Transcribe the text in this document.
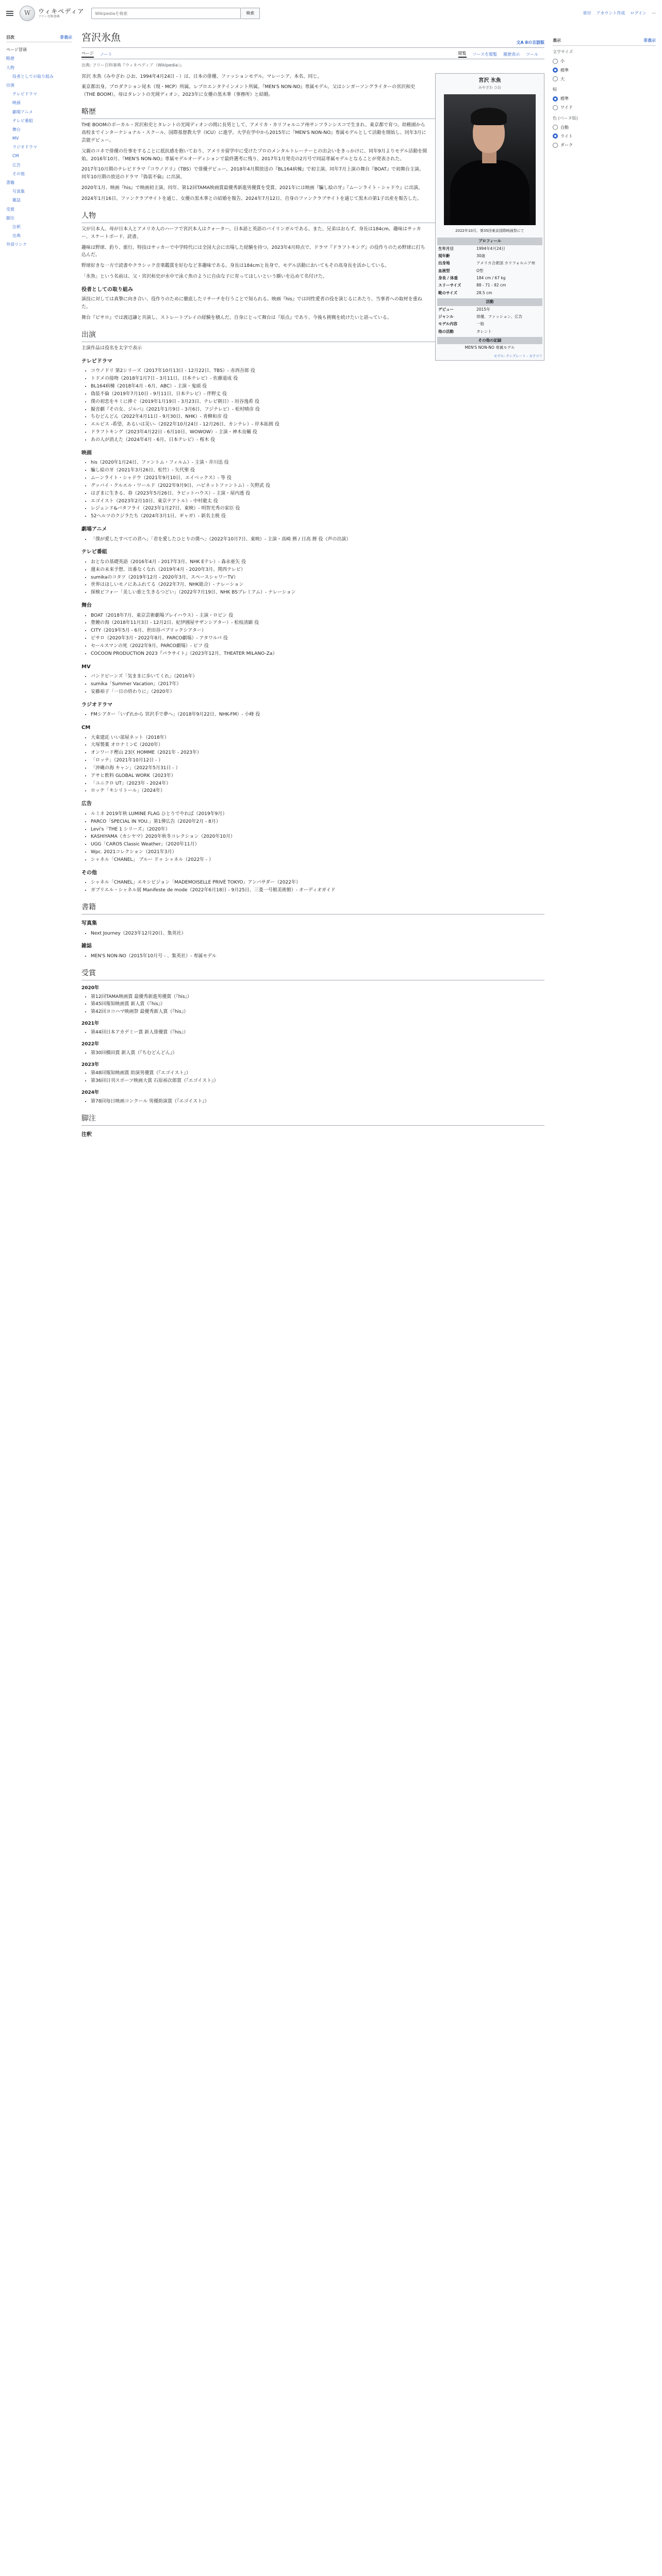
W	ウィキペディア
フリー百科事典
Wikipediaを検索
検索	寄付 アカウント作成 ログイン ⋯
目次	非表示
ページ冒頭
略歴
人物
役者としての取り組み
出演
テレビドラマ
映画
劇場アニメ
テレビ番組
舞台
MV
ラジオドラマ
CM
広告
その他
書籍
写真集
雑誌
受賞
脚注
注釈
出典
外部リンク
宮沢氷魚	文A 8の言語版
ページ ノート	閲覧 ソースを閲覧 履歴表示 ツール
出典: フリー百科事典『ウィキペディア（Wikipedia）』
宮沢 氷魚
みやざわ ひお
2022年10月、第35回東京国際映画祭にて
プロフィール
生年月日	1994年4月24日
現年齢	30歳
出身地	アメリカ合衆国 カリフォルニア州
血液型	O型
身長 / 体重	184 cm / 67 kg
スリーサイズ	88 - 71 - 92 cm
靴のサイズ	28.5 cm
活動
デビュー	2015年
ジャンル	俳優、ファッション、広告
モデル内容	一般
他の活動	タレント
その他の記録
MEN'S NON-NO 専属モデル
モデル: テンプレート - カテゴリ

宮沢 氷魚（みやざわ ひお、1994年4月24日 - ）は、日本の俳優、ファッションモデル。マレーシア、本名、同じ。

東京都出身。プロダクション尾木（現・MCP）所属。レプロエンタテインメント所属。『MEN'S NON-NO』専属モデル。父はシンガーソングライターの宮沢和史（THE BOOM）。母はタレントの光岡ディオン。2023年に女優の黒木華（事務所）と結婚。

略歴

THE BOOMのボーカル・宮沢和史とタレントの光岡ディオンの間に長男として、アメリカ・カリフォルニア州サンフランシスコで生まれ、東京都で育つ。幼稚園から高校までインターナショナル・スクール、国際基督教大学（ICU）に進学。大学在学中から2015年に『MEN'S NON-NO』専属モデルとして活動を開始し、同年3月に芸能デビュー。

父親のコネで俳優の仕事をすることに抵抗感を抱いており、アメリカ留学中に受けたプロのメンタルトレーナーとの出会いをきっかけに、同年9月よりモデル活動を開始。2016年10月、『MEN'S NON-NO』専属モデルオーディションで最終選考に残り、2017年1月発売の2月号で同誌専属モデルとなることが発表された。

2017年10月期のテレビドラマ『コウノドリ』（TBS）で俳優デビュー。2018年4月期放送の『BL164病棟』で初主演。同年7月上演の舞台『BOAT』で初舞台主演。同年10月期の放送のドラマ『偽装不倫』に出演。

2020年1月、映画『his』で映画初主演。同年、第12回TAMA映画賞最優秀新進男優賞を受賞。2021年には映画『騙し絵の牙』『ムーンライト・シャドウ』に出演。

2024年1月16日、ファンクラブサイトを通じ、女優の黒木華との結婚を報告。2024年7月12日、自身のファンクラブサイトを通じて黒木の第1子出産を報告した。

人物

父が日本人、母が日本人とアメリカ人のハーフで宮沢本人はクォーター。日本語と英語のバイリンガルである。また、兄弟はおらず、身長は184cm。趣味はサッカー、スケートボード、読書。

趣味は野球、釣り、旅行。特技はサッカーで中学時代には全国大会に出場した経験を持つ。2023年4月時点で、ドラマ『ドラフトキング』の役作りのため野球に打ち込んだ。

野球好きな一方で読書やクラシック音楽鑑賞を好むなど多趣味である。身長は184cmと長身で、モデル活動においてもその高身長を活かしている。

「氷魚」という名前は、父・宮沢和史が水中で泳ぐ魚のように自由な子に育ってほしいという願いを込めて名付けた。

役者としての取り組み

演技に対しては真摯に向き合い、役作りのために徹底したリサーチを行うことで知られる。映画『his』では同性愛者の役を演じるにあたり、当事者への取材を重ねた。

舞台『ピサロ』では渡辺謙と共演し、ストレートプレイの経験を積んだ。自身にとって舞台は『原点』であり、今後も挑戦を続けたいと語っている。

出演

主演作品は役名を太字で表示

テレビドラマ
• コウノドリ 第2シリーズ（2017年10月13日 - 12月22日、TBS）- 赤西吾郎 役
• トドメの接吻（2018年1月7日 - 3月11日、日本テレビ）- 佐藤道成 役
• BL164病棟（2018年4月 - 6月、ABC）- 主演・鬼頭 役
• 偽装不倫（2019年7月10日 - 9月11日、日本テレビ）- 伴野丈 役
• 僕の初恋をキミに捧ぐ（2019年1月19日 - 3月23日、テレビ朝日）- 垣谷逸希 役
• 擬音劇『その女、ジルバ』（2021年1月9日 - 3月6日、フジテレビ）- 松村晴彦 役
• ちむどんどん（2022年4月11日 - 9月30日、NHK）- 青柳和彦 役
• エルピス -希望、あるいは災い-（2022年10月24日 - 12月26日、カンテレ）- 岸本拓朗 役
• ドラフトキング（2023年4月22日 - 6月10日、WOWOW）- 主演・神木良輔 役
• あの人が消えた（2024年4月 - 6月、日本テレビ）- 桜木 役
映画
• his（2020年1月24日、ファントム・フィルム）- 主演・井川迅 役
• 騙し絵の牙（2021年3月26日、松竹）- 矢代聖 役
• ムーンライト・シャドウ（2021年9月10日、エイベックス）- 等 役
• グッバイ・クルエル・ワールド（2022年9月9日、ハピネットファントム）- 矢野武 役
• はざまに生きる、春（2023年5月26日、ラビットハウス）- 主演・屋内透 役
• エゴイスト（2023年2月10日、東京テアトル）- 中村龍太 役
• レジェンド&バタフライ（2023年1月27日、東映）- 明智光秀の家臣 役
• 52ヘルツのクジラたち（2024年3月1日、ギャガ）- 新名主税 役
劇場アニメ
• 「僕が愛したすべての君へ」「君を愛したひとりの僕へ」（2022年10月7日、東映）- 主演・高崎 暦 / 日高 暦 役（声の出演）
テレビ番組
• おとなの基礎英語（2016年4月 - 2017年3月、NHK Eテレ）- 森永亜矢 役
• 週末の未来予想、出番なくなれ（2019年4月 - 2020年3月、関西テレビ）
• sumikaのコタツ（2019年12月 - 2020年3月、スペースシャワーTV）
• 世界はほしいモノにあふれてる（2022年7月、NHK総合）- ナレーション
• 探検ビフォー「美しい旅と生きるつどい」（2022年7月19日、NHK BSプレミアム）- ナレーション
舞台
• BOAT（2018年7月、東京芸術劇場プレイハウス）- 主演・ロビン 役
• 豊饒の海（2018年11月3日 - 12月2日、紀伊國屋サザンシアター）- 松枝清顕 役
• CITY（2019年5月 - 6月、世田谷パブリックシアター）
• ピサロ（2020年3月・2022年8月、PARCO劇場）- アタワルパ 役
• セールスマンの死（2022年9月、PARCO劇場）- ビフ 役
• COCOON PRODUCTION 2023『パラサイト』（2023年12月、THEATER MILANO-Za）
MV
• バンドピーンズ「気ままに歩いてくれ」（2016年）
• sumika「Summer Vacation」（2017年）
• 安藤裕子「一日の終わりに」（2020年）
ラジオドラマ
• FMシアター「いずれから 宮沢手で夢へ」（2018年9月22日、NHK-FM）- 小峰 役
CM
• 大東建託 いい部屋ネット（2018年）
• 大塚製薬 オロナミンC（2020年）
• オンワード樫山 23区 HOMME（2021年 - 2023年）
• 「ロッテ」（2021年10月12日 - ）
• 「沖縄の海 キャン」（2022年5月31日 - ）
• アサヒ飲料 GLOBAL WORK（2023年）
• 「ユニクロ UT」（2023年 - 2024年）
• ロッテ「キシリトール」（2024年）
広告
• ルミネ 2019年秋 LUMINE FLAG ひとりでやれば（2019年9月）
• PARCO「SPECIAL IN YOU.」第1弾広告（2020年2月 - 8月）
• Levi's「THE 1 シリーズ」（2020年）
• KASHIYAMA（カシヤマ）2020年秋冬コレクション（2020年10月）
• UGG「CAROS Classic Weather」（2020年11月）
• Wpc. 2021コレクション（2021年3月）
• シャネル「CHANEL」 ブルー ドゥ シャネル（2022年 - ）
その他
• シャネル「CHANEL」エキシビジョン「MADEMOISELLE PRIVÉ TOKYO」アンバサダー（2022年）
• ガブリエル・シャネル展 Manifeste de mode（2022年6月18日 - 9月25日、三菱一号館美術館）- オーディオガイド
書籍
写真集
• Next Journey（2023年12月20日、集英社）
雑誌
• MEN'S NON-NO（2015年10月号 - 、集英社）- 専属モデル
受賞
2020年
• 第12回TAMA映画賞 最優秀新進男優賞（『his』）
• 第45回報知映画賞 新人賞（『his』）
• 第42回ヨコハマ映画祭 最優秀新人賞（『his』）
2021年
• 第44回日本アカデミー賞 新人俳優賞（『his』）
2022年
• 第30回橋田賞 新人賞（『ちむどんどん』）
2023年
• 第48回報知映画賞 助演男優賞（『エゴイスト』）
• 第36回日刊スポーツ映画大賞 石原裕次郎賞（『エゴイスト』）
2024年
• 第78回毎日映画コンクール 男優助演賞（『エゴイスト』）
脚注
注釈
表示	非表示
文字サイズ
小
標準
大
幅
標準
ワイド
色 (ベータ版)
自動
ライト
ダーク
